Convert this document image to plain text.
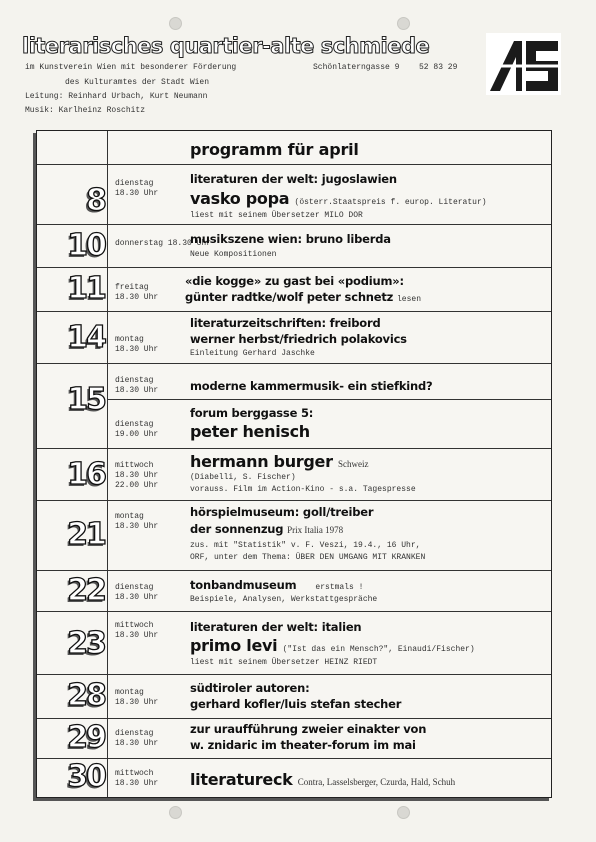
literarisches quartier-alte schmiede
im Kunstverein Wien mit besonderer Förderung	Schönlaterngasse 9 52 83 29
des Kulturamtes der Stadt Wien
Leitung: Reinhard Urbach, Kurt Neumann
Musik: Karlheinz Roschitz
programm für april
8 dienstag
18.30 Uhr
literaturen der welt: jugoslawien
vasko popa (österr.Staatspreis f. europ. Literatur)
liest mit seinem Übersetzer MILO DOR
10 donnerstag 18.30 Uhr
musikszene wien: bruno liberda
Neue Kompositionen
11 freitag
18.30 Uhr
«die kogge» zu gast bei «podium»:
günter radtke/wolf peter schnetz lesen
14 montag
18.30 Uhr
literaturzeitschriften: freibord
werner herbst/friedrich polakovics
Einleitung Gerhard Jaschke
15
dienstag
18.30 Uhr	moderne kammermusik- ein stiefkind?
dienstag
19.00 Uhr
forum berggasse 5:
peter henisch
16 mittwoch
18.30 Uhr
22.00 Uhr
hermann burger Schweiz
(Diabelli, S. Fischer)
vorauss. Film im Action-Kino - s.a. Tagespresse
21
montag
18.30 Uhr
hörspielmuseum: goll/treiber
der sonnenzug Prix Italia 1978
zus. mit "Statistik" v. F. Veszi, 19.4., 16 Uhr,
ORF, unter dem Thema: ÜBER DEN UMGANG MIT KRANKEN
22 dienstag
18.30 Uhr
tonbandmuseum erstmals !
Beispiele, Analysen, Werkstattgespräche
23
mittwoch
18.30 Uhr
literaturen der welt: italien
primo levi ("Ist das ein Mensch?", Einaudi/Fischer)
liest mit seinem Übersetzer HEINZ RIEDT
28 montag
18.30 Uhr
südtiroler autoren:
gerhard kofler/luis stefan stecher
29 dienstag
18.30 Uhr
zur uraufführung zweier einakter von
w. znidaric im theater-forum im mai
30 mittwoch
18.30 Uhr literatureck Contra, Lasselsberger, Czurda, Hald, Schuh
